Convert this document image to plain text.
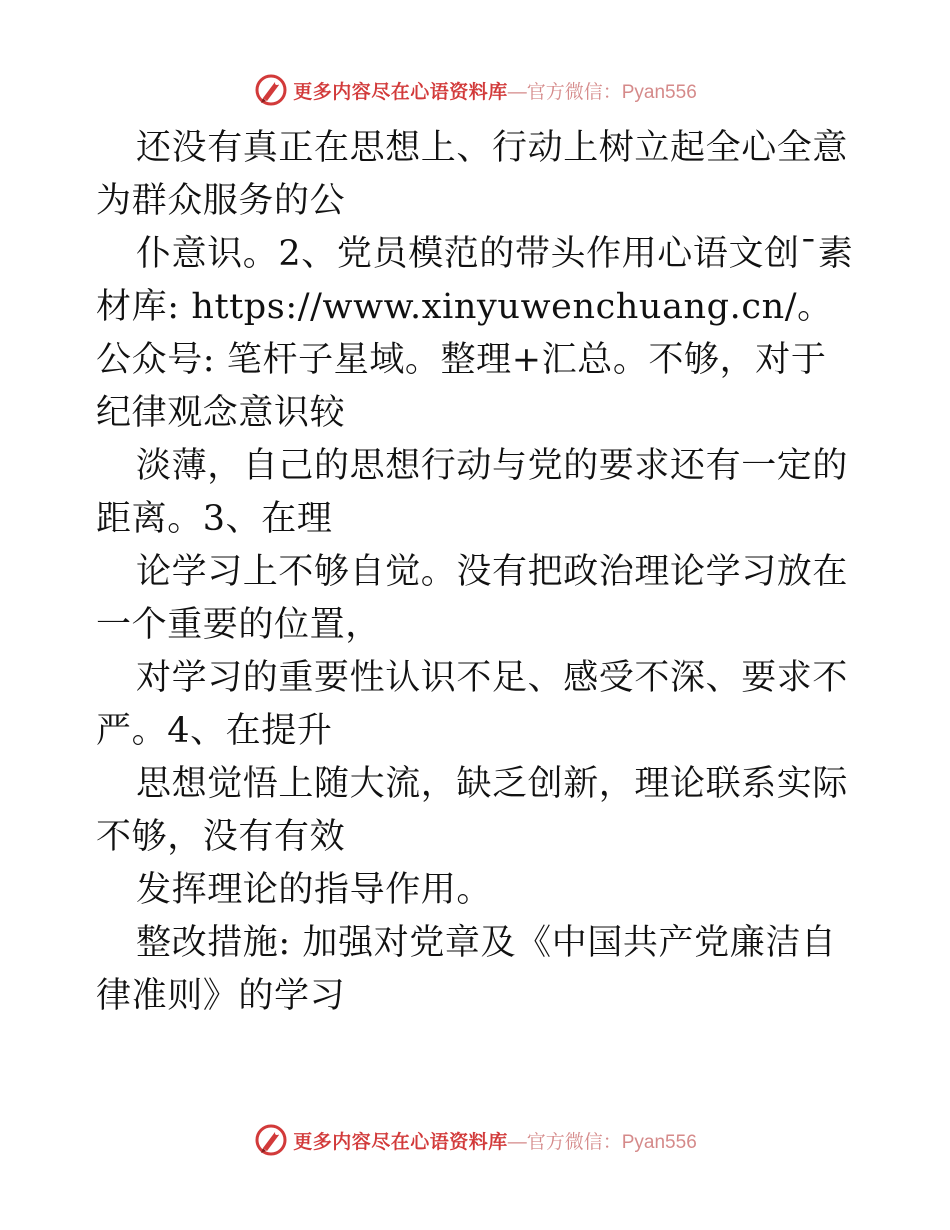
更多内容尽在心语资料库 —官方微信：Pyan556

还没有真正在思想上、行动上树立起全心全意为群众服务的公

仆意识。2、党员模范的带头作用心语文创¯素材库: https://www.xinyuwenchuang.cn/。公众号: 笔杆子星域。整理+汇总。不够，对于纪律观念意识较

淡薄，自己的思想行动与党的要求还有一定的距离。3、在理

论学习上不够自觉。没有把政治理论学习放在一个重要的位置，

对学习的重要性认识不足、感受不深、要求不严。4、在提升

思想觉悟上随大流，缺乏创新，理论联系实际不够，没有有效

发挥理论的指导作用。

整改措施: 加强对党章及《中国共产党廉洁自律准则》的学习

更多内容尽在心语资料库 —官方微信：Pyan556
